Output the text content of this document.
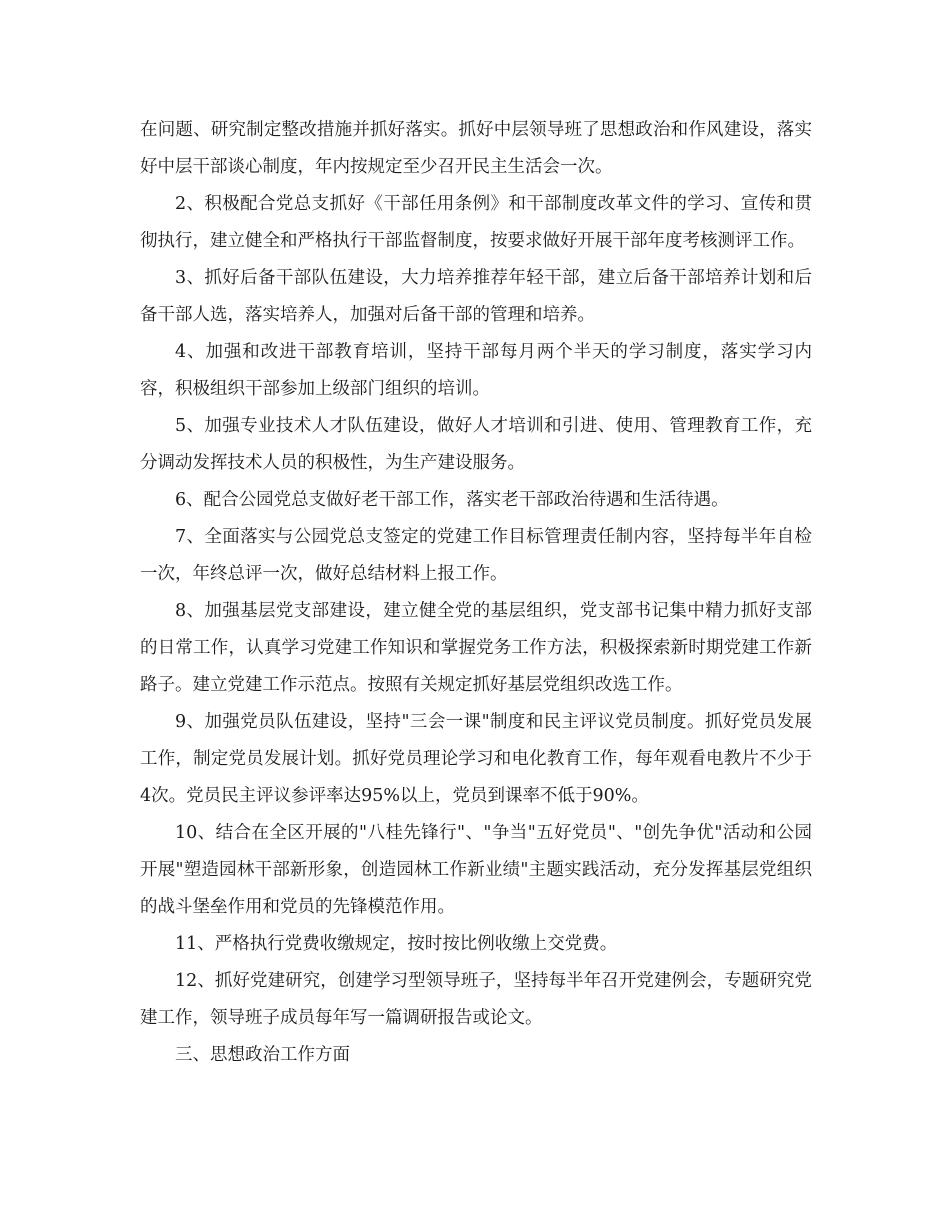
在问题、研究制定整改措施并抓好落实。抓好中层领导班了思想政治和作风建设，落实好中层干部谈心制度，年内按规定至少召开民主生活会一次。

2、积极配合党总支抓好《干部任用条例》和干部制度改革文件的学习、宣传和贯彻执行，建立健全和严格执行干部监督制度，按要求做好开展干部年度考核测评工作。

3、抓好后备干部队伍建设，大力培养推荐年轻干部，建立后备干部培养计划和后备干部人选，落实培养人，加强对后备干部的管理和培养。

4、加强和改进干部教育培训，坚持干部每月两个半天的学习制度，落实学习内容，积极组织干部参加上级部门组织的培训。

5、加强专业技术人才队伍建设，做好人才培训和引进、使用、管理教育工作，充分调动发挥技术人员的积极性，为生产建设服务。

6、配合公园党总支做好老干部工作，落实老干部政治待遇和生活待遇。

7、全面落实与公园党总支签定的党建工作目标管理责任制内容，坚持每半年自检一次，年终总评一次，做好总结材料上报工作。

8、加强基层党支部建设，建立健全党的基层组织，党支部书记集中精力抓好支部的日常工作，认真学习党建工作知识和掌握党务工作方法，积极探索新时期党建工作新路子。建立党建工作示范点。按照有关规定抓好基层党组织改选工作。

9、加强党员队伍建设，坚持"三会一课"制度和民主评议党员制度。抓好党员发展工作，制定党员发展计划。抓好党员理论学习和电化教育工作，每年观看电教片不少于4次。党员民主评议参评率达95%以上，党员到课率不低于90%。

10、结合在全区开展的"八桂先锋行"、"争当"五好党员"、"创先争优"活动和公园开展"塑造园林干部新形象，创造园林工作新业绩"主题实践活动，充分发挥基层党组织的战斗堡垒作用和党员的先锋模范作用。

11、严格执行党费收缴规定，按时按比例收缴上交党费。

12、抓好党建研究，创建学习型领导班子，坚持每半年召开党建例会，专题研究党建工作，领导班子成员每年写一篇调研报告或论文。

三、思想政治工作方面
